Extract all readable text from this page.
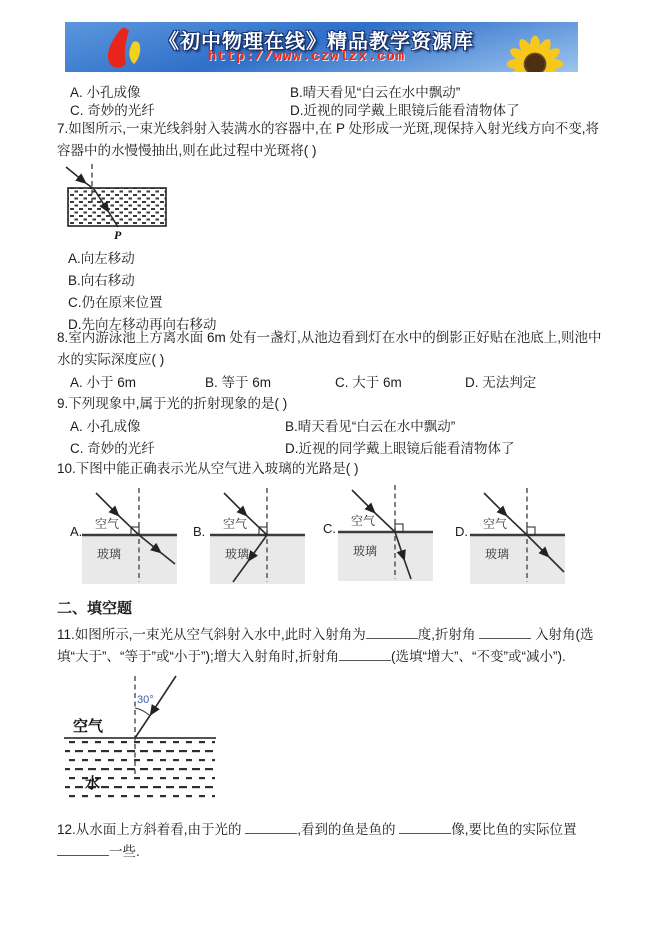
《初中物理在线》精品教学资源库
http://www.czwlzx.com
A. 小孔成像	B.晴天看见“白云在水中飘动”
C. 奇妙的光纤	D.近视的同学戴上眼镜后能看清物体了
7.如图所示,一束光线斜射入装满水的容器中,在 P 处形成一光斑,现保持入射光线方向不变,将容器中的水慢慢抽出,则在此过程中光斑将( )
P
A.向左移动
B.向右移动
C.仍在原来位置
D.先向左移动再向右移动
8.室内游泳池上方离水面 6m 处有一盏灯,从池边看到灯在水中的倒影正好贴在池底上,则池中水的实际深度应( )
A. 小于 6m	B. 等于 6m	C. 大于 6m	D. 无法判定
9.下列现象中,属于光的折射现象的是( )
A. 小孔成像	B.晴天看见“白云在水中飘动”
C. 奇妙的光纤	D.近视的同学戴上眼镜后能看清物体了
10.下图中能正确表示光从空气进入玻璃的光路是( )
A.	B.	C.	D.
空气
玻璃
空气
玻璃
空气
玻璃
空气
玻璃
二、填空题
11.如图所示,一束光从空气斜射入水中,此时入射角为	度,折射角	入射角(选填“大于”、“等于”或“小于”);增大入射角时,折射角	(选填“增大”、“不变”或“减小”).
30°
空气
水
12.从水面上方斜着看,由于光的	,看到的鱼是鱼的	像,要比鱼的实际位置 一些.
